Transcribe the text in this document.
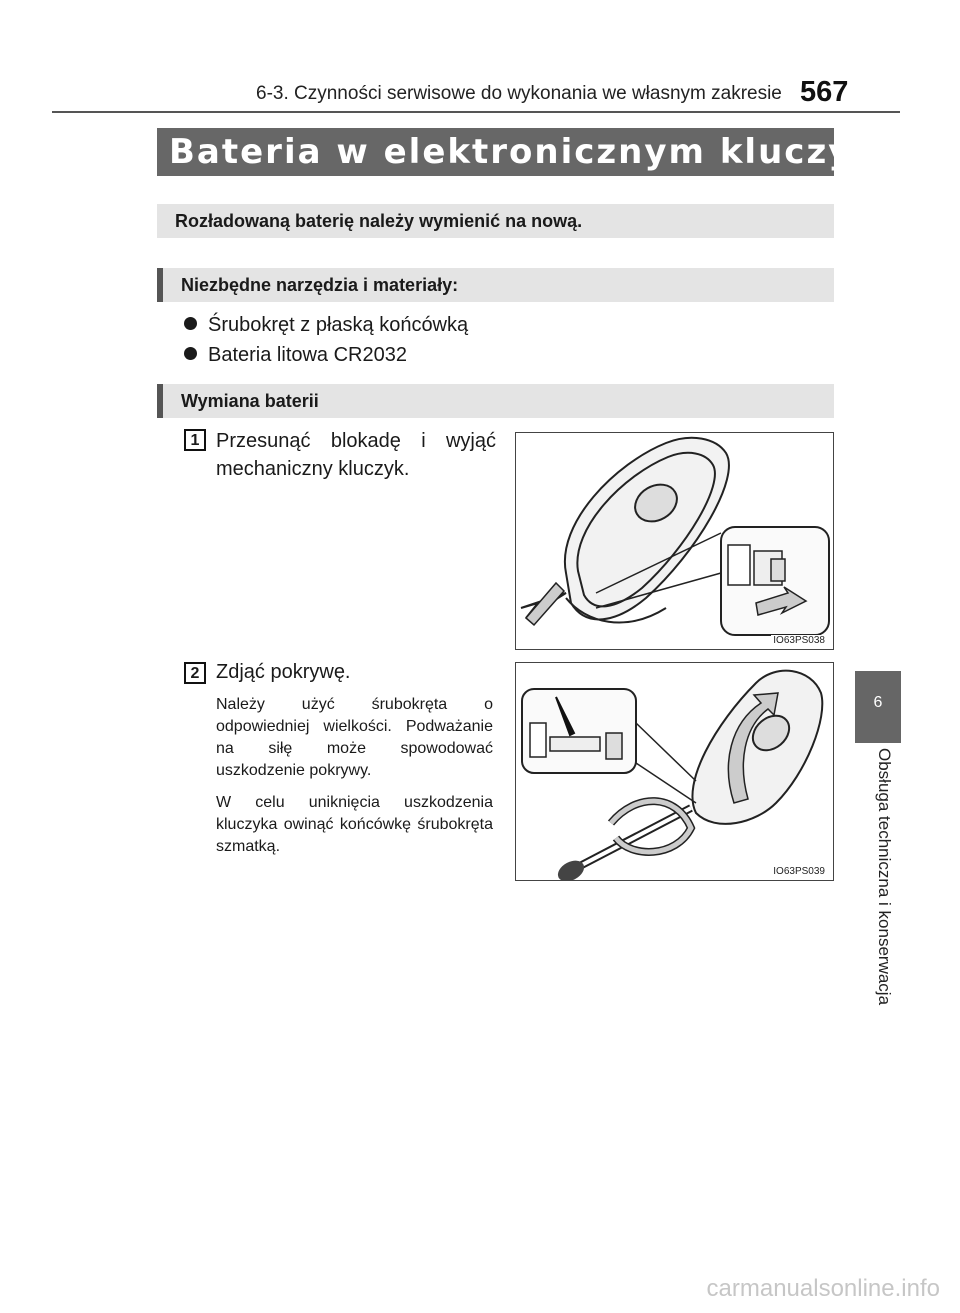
6-3. Czynności serwisowe do wykonania we własnym zakresie 567
Bateria w elektronicznym kluczyku
Rozładowaną baterię należy wymienić na nową.
Niezbędne narzędzia i materiały:
Śrubokręt z płaską końcówką
Bateria litowa CR2032
Wymiana baterii
1 Przesunąć blokadę i wyjąć mechaniczny kluczyk.
IO63PS038
2 Zdjąć pokrywę.
Należy użyć śrubokręta o odpowiedniej wielkości. Podważanie na siłę może spowodować uszkodzenie pokrywy.
W celu uniknięcia uszkodzenia kluczyka owinąć końcówkę śrubokręta szmatką.
IO63PS039
6
Obsługa techniczna i konserwacja
carmanualsonline.info
